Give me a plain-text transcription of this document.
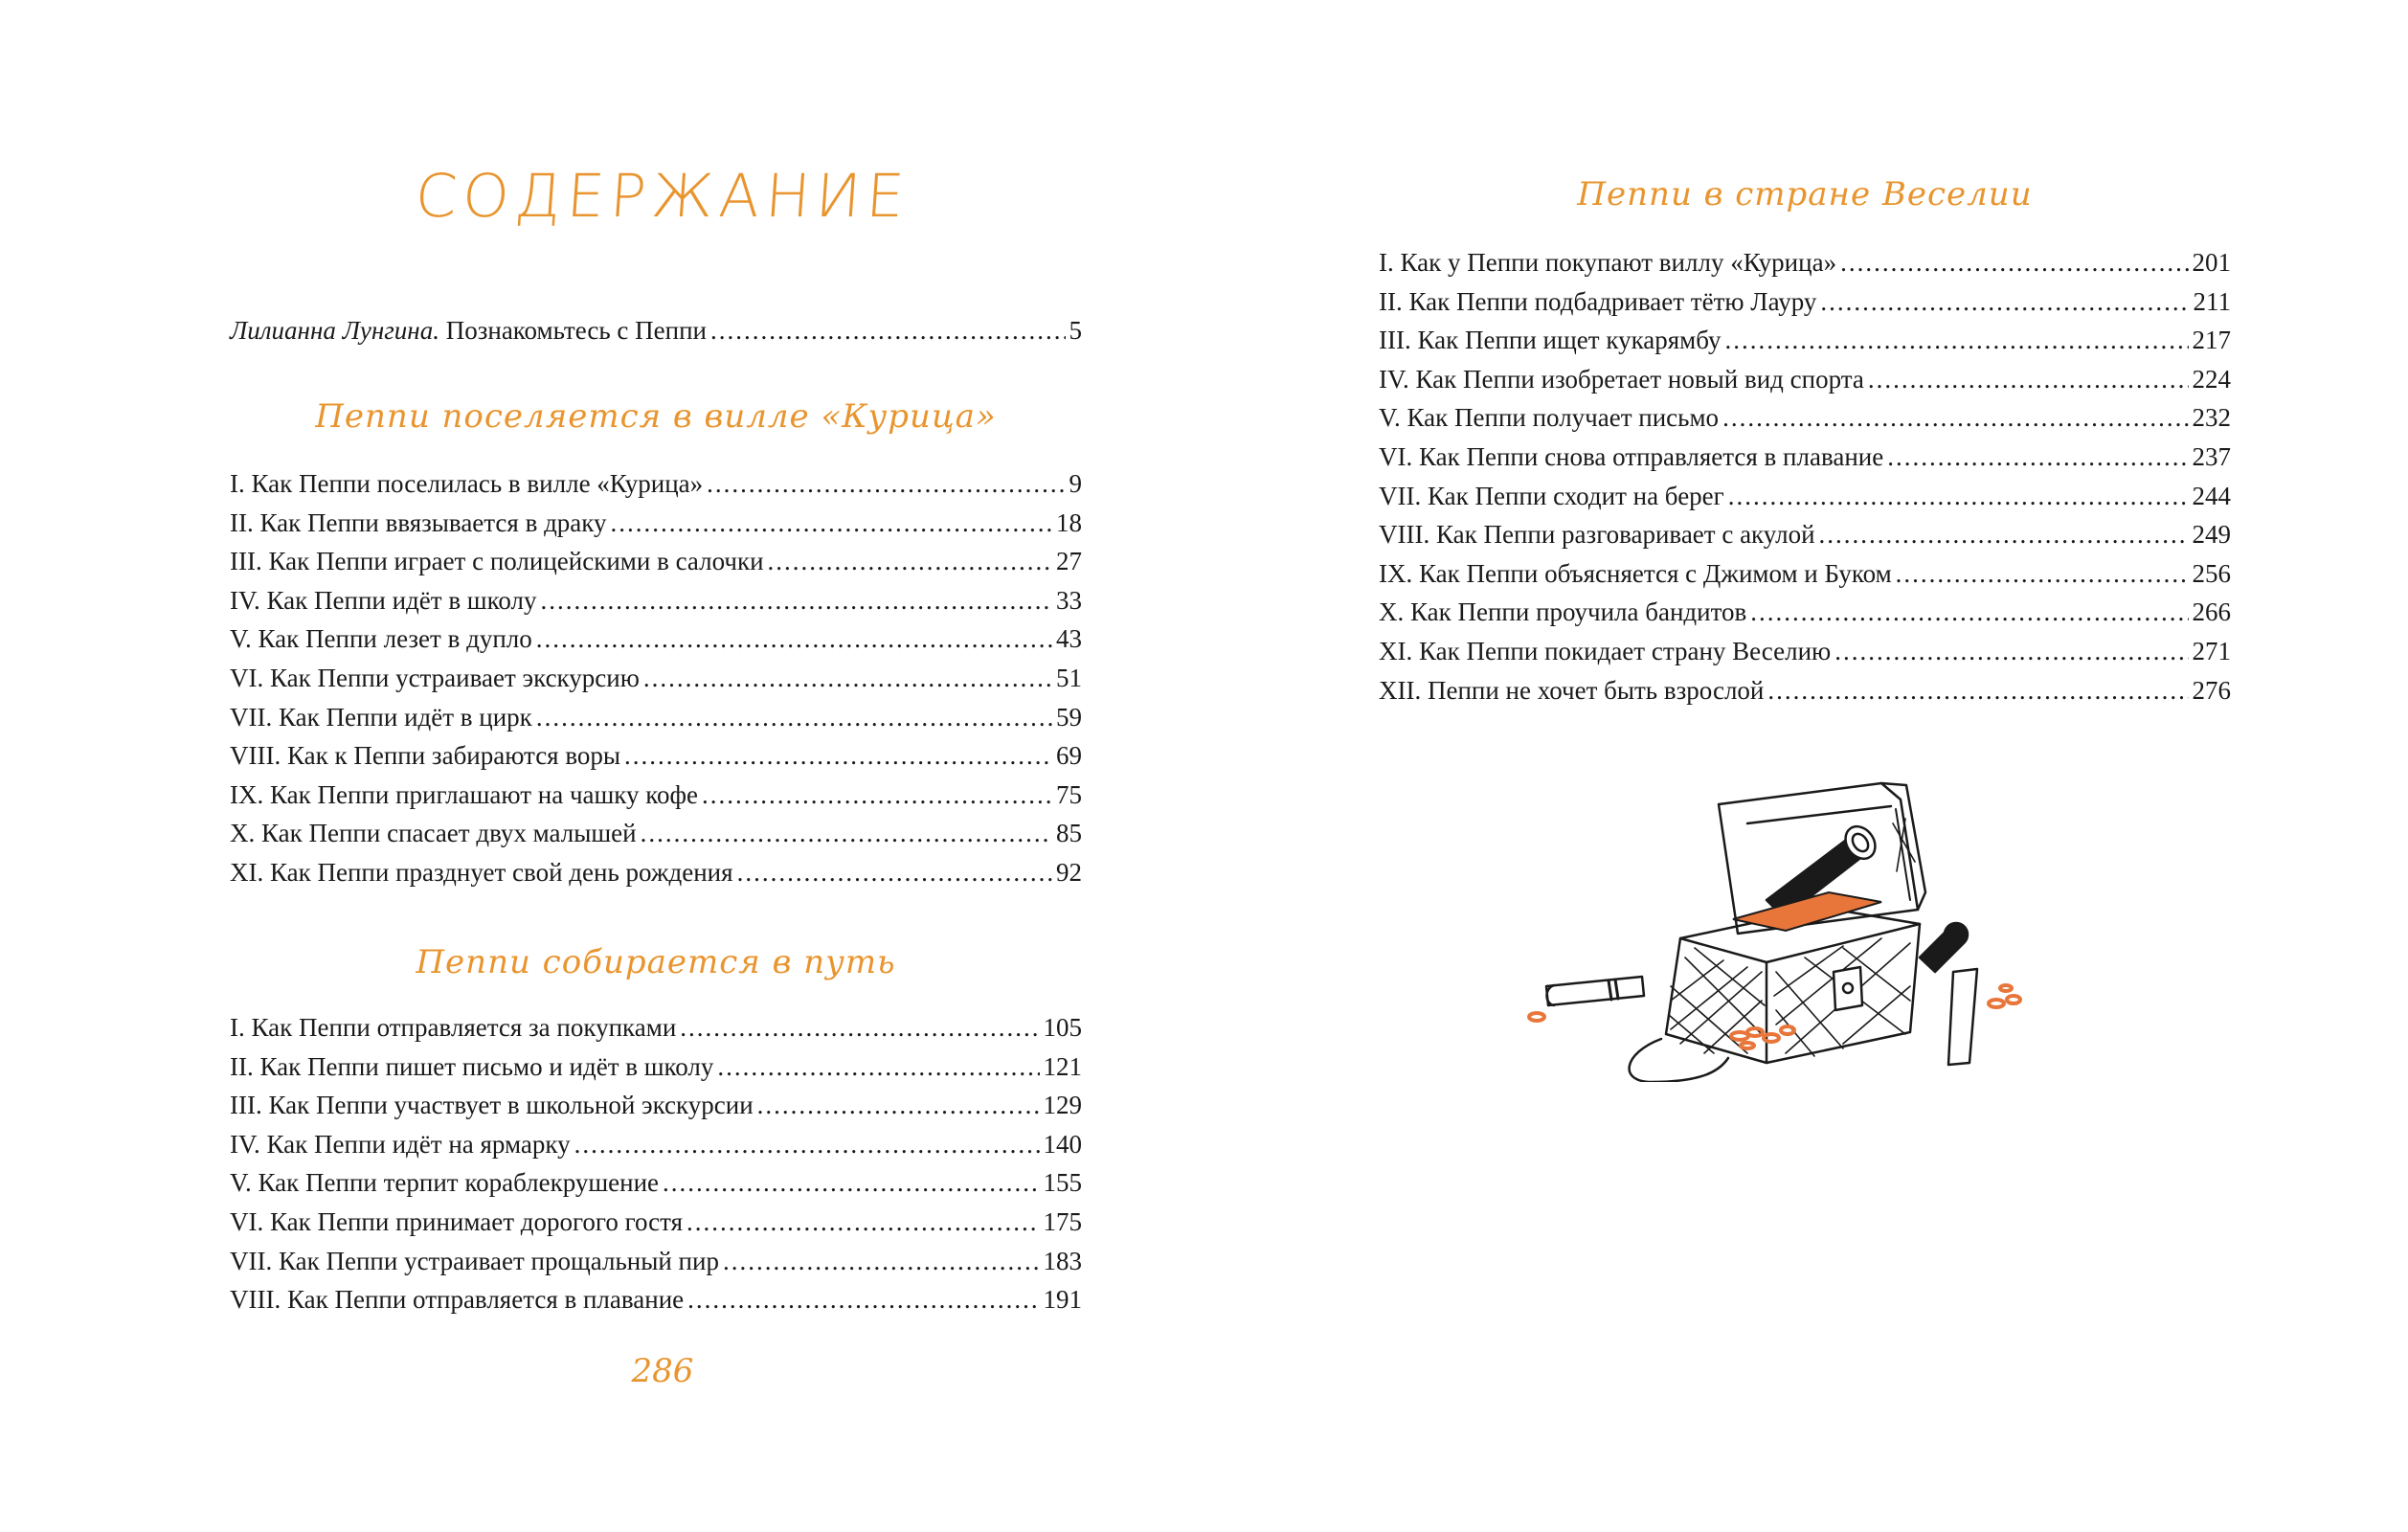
СОДЕРЖАНИЕ
Лилианна Лунгина. Познакомьтесь с Пеппи .....	5
Пеппи поселяется в вилле «Курица»
I. Как Пеппи поселилась в вилле «Курица» .....	9
II. Как Пеппи ввязывается в драку .....	18
III. Как Пеппи играет с полицейскими в салочки .....	27
IV. Как Пеппи идёт в школу .....	33
V. Как Пеппи лезет в дупло .....	43
VI. Как Пеппи устраивает экскурсию .....	51
VII. Как Пеппи идёт в цирк .....	59
VIII. Как к Пеппи забираются воры .....	69
IX. Как Пеппи приглашают на чашку кофе .....	75
X. Как Пеппи спасает двух малышей .....	85
XI. Как Пеппи празднует свой день рождения .....	92
Пеппи собирается в путь
I. Как Пеппи отправляется за покупками .....	105
II. Как Пеппи пишет письмо и идёт в школу .....	121
III. Как Пеппи участвует в школьной экскурсии .....	129
IV. Как Пеппи идёт на ярмарку .....	140
V. Как Пеппи терпит кораблекрушение .....	155
VI. Как Пеппи принимает дорогого гостя .....	175
VII. Как Пеппи устраивает прощальный пир .....	183
VIII. Как Пеппи отправляется в плавание .....	191
286
Пеппи в стране Веселии
I. Как у Пеппи покупают виллу «Курица» .....	201
II. Как Пеппи подбадривает тётю Лауру .....	211
III. Как Пеппи ищет кукарямбу .....	217
IV. Как Пеппи изобретает новый вид спорта .....	224
V. Как Пеппи получает письмо .....	232
VI. Как Пеппи снова отправляется в плавание .....	237
VII. Как Пеппи сходит на берег .....	244
VIII. Как Пеппи разговаривает с акулой .....	249
IX. Как Пеппи объясняется с Джимом и Буком .....	256
X. Как Пеппи проучила бандитов .....	266
XI. Как Пеппи покидает страну Веселию .....	271
XII. Пеппи не хочет быть взрослой .....	276
